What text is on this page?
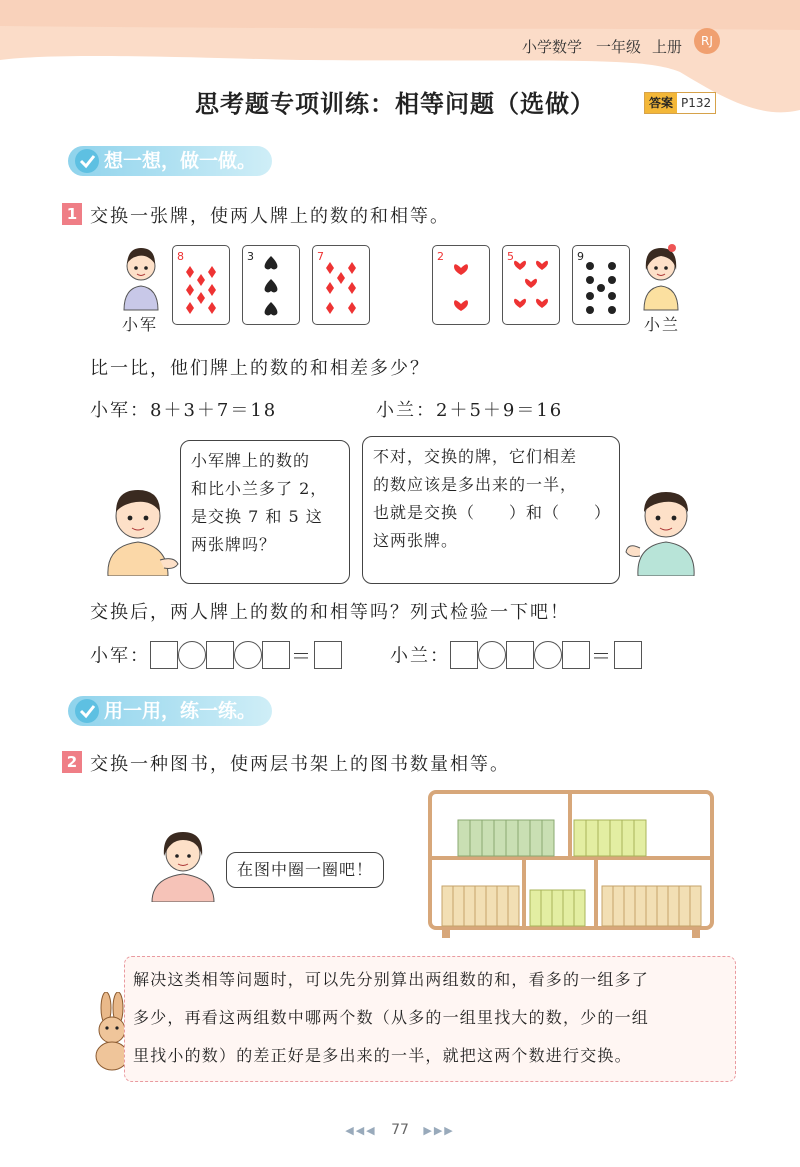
小学数学 一年级 上册	RJ
思考题专项训练：相等问题（选做）	答案 P132
想一想，做一做。
1 交换一张牌，使两人牌上的数的和相等。
小军
8	3	7	2	5	9
小兰
比一比，他们牌上的数的和相差多少？
小军：8＋3＋7＝18	小兰：2＋5＋9＝16
小军牌上的数的
和比小兰多了 2，
是交换 7 和 5 这
两张牌吗？
不对，交换的牌，它们相差
的数应该是多出来的一半，
也就是交换（　　）和（　　）
这两张牌。
交换后，两人牌上的数的和相等吗？列式检验一下吧！
小军：	＝	小兰：	＝
用一用，练一练。
2 交换一种图书，使两层书架上的图书数量相等。
在图中圈一圈吧！
解决这类相等问题时，可以先分别算出两组数的和，看多的一组多了
多少，再看这两组数中哪两个数（从多的一组里找大的数，少的一组
里找小的数）的差正好是多出来的一半，就把这两个数进行交换。
◀◀◀ 77 ▶▶▶
